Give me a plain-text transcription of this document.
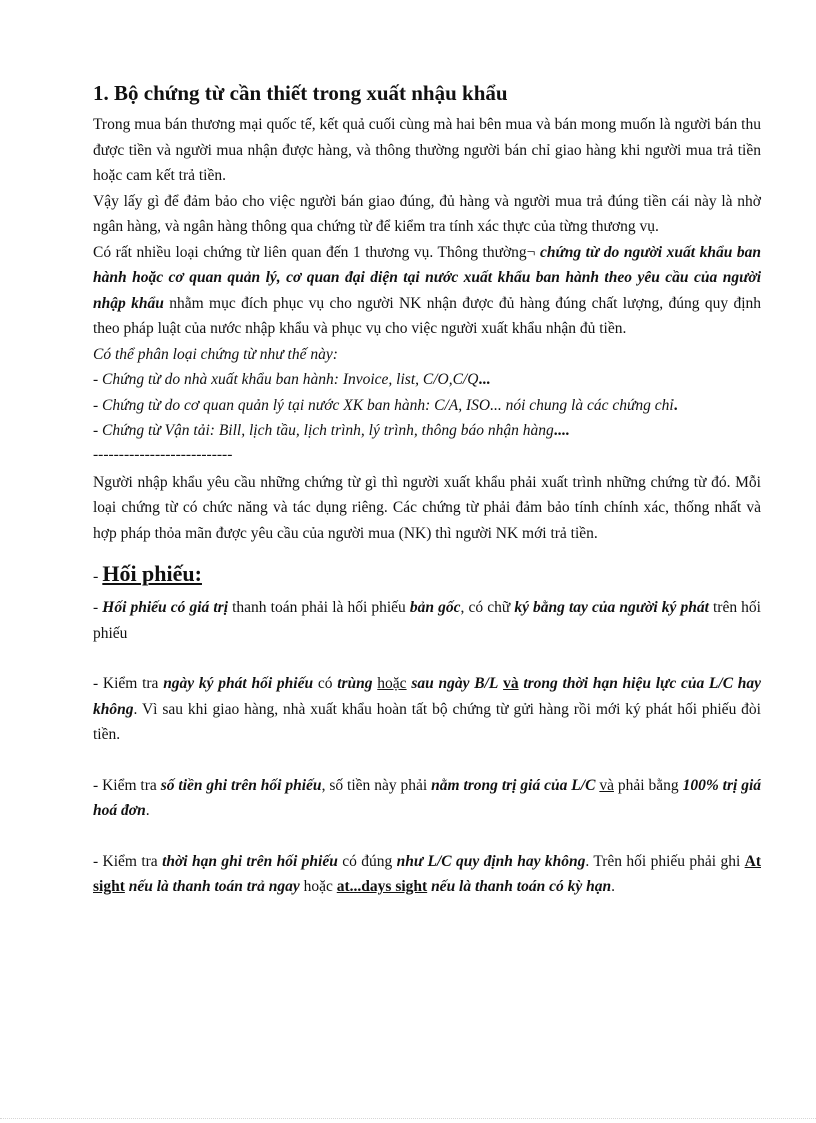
1. Bộ chứng từ cần thiết trong xuất nhậu khẩu

Trong mua bán thương mại quốc tế, kết quả cuối cùng mà hai bên mua và bán mong muốn là người bán thu được tiền và người mua nhận được hàng, và thông thường người bán chỉ giao hàng khi người mua trả tiền hoặc cam kết trả tiền.

Vậy lấy gì để đảm bảo cho việc người bán giao đúng, đủ hàng và người mua trả đúng tiền cái này là nhờ ngân hàng, và ngân hàng thông qua chứng từ để kiểm tra tính xác thực của từng thương vụ.

Có rất nhiều loại chứng từ liên quan đến 1 thương vụ. Thông thường¬ chứng từ do người xuất khẩu ban hành hoặc cơ quan quản lý, cơ quan đại diện tại nước xuất khẩu ban hành theo yêu cầu của người nhập khẩu nhằm mục đích phục vụ cho người NK nhận được đủ hàng đúng chất lượng, đúng quy định theo pháp luật của nước nhập khẩu và phục vụ cho việc người xuất khẩu nhận đủ tiền.

Có thể phân loại chứng từ như thế này:

- Chứng từ do nhà xuất khẩu ban hành: Invoice, list, C/O,C/Q...

- Chứng từ do cơ quan quản lý tại nước XK ban hành: C/A, ISO... nói chung là các chứng chỉ.

- Chứng từ Vận tải: Bill, lịch tầu, lịch trình, lý trình, thông báo nhận hàng....

---------------------------

Người nhập khẩu yêu cầu những chứng từ gì thì người xuất khẩu phải xuất trình những chứng từ đó. Mỗi loại chứng từ có chức năng và tác dụng riêng. Các chứng từ phải đảm bảo tính chính xác, thống nhất và hợp pháp thỏa mãn được yêu cầu của người mua (NK) thì người NK mới trả tiền.

- Hối phiếu:

- Hối phiếu có giá trị thanh toán phải là hối phiếu bản gốc, có chữ ký bằng tay của người ký phát trên hối phiếu

- Kiểm tra ngày ký phát hối phiếu có trùng hoặc sau ngày B/L và trong thời hạn hiệu lực của L/C hay không. Vì sau khi giao hàng, nhà xuất khẩu hoàn tất bộ chứng từ gửi hàng rồi mới ký phát hối phiếu đòi tiền.

- Kiểm tra số tiền ghi trên hối phiếu, số tiền này phải nằm trong trị giá của L/C và phải bằng 100% trị giá hoá đơn.

- Kiểm tra thời hạn ghi trên hối phiếu có đúng như L/C quy định hay không. Trên hối phiếu phải ghi At sight nếu là thanh toán trả ngay hoặc at...days sight nếu là thanh toán có kỳ hạn.
